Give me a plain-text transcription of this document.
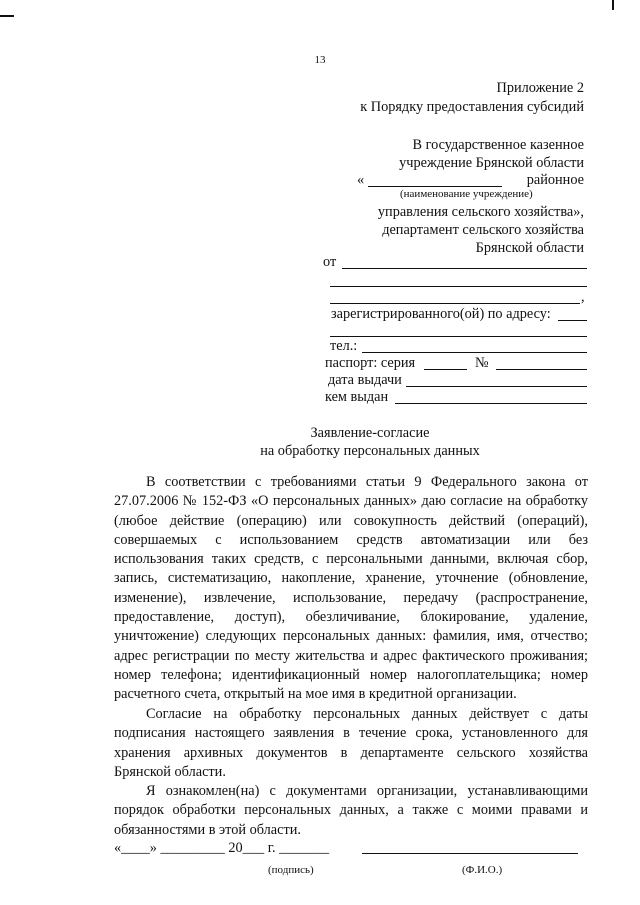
13
Приложение 2
к Порядку предоставления субсидий
В государственное казенное
учреждение Брянской области
«	районное
(наименование учреждение)
управления сельского хозяйства»,
департамент сельского хозяйства
Брянской области
от
,
зарегистрированного(ой) по адресу:
тел.:
паспорт: серия	№
дата выдачи
кем выдан
Заявление-согласие
на обработку персональных данных

В соответствии с требованиями статьи 9 Федерального закона от

27.07.2006 № 152-ФЗ «О персональных данных» даю согласие на обработку

(любое действие (операцию) или совокупность действий (операций),

совершаемых с использованием средств автоматизации или без

использования таких средств, с персональными данными, включая сбор,

запись, систематизацию, накопление, хранение, уточнение (обновление,

изменение), извлечение, использование, передачу (распространение,

предоставление, доступ), обезличивание, блокирование, удаление,

уничтожение) следующих персональных данных: фамилия, имя, отчество;

адрес регистрации по месту жительства и адрес фактического проживания;

номер телефона; идентификационный номер налогоплательщика; номер

расчетного счета, открытый на мое имя в кредитной организации.

Согласие на обработку персональных данных действует с даты

подписания настоящего заявления в течение срока, установленного для

хранения архивных документов в департаменте сельского хозяйства

Брянской области.

Я ознакомлен(на) с документами организации, устанавливающими

порядок обработки персональных данных, а также с моими правами и

обязанностями в этой области.

«____» _________ 20___ г. _______
(подпись)	(Ф.И.О.)
